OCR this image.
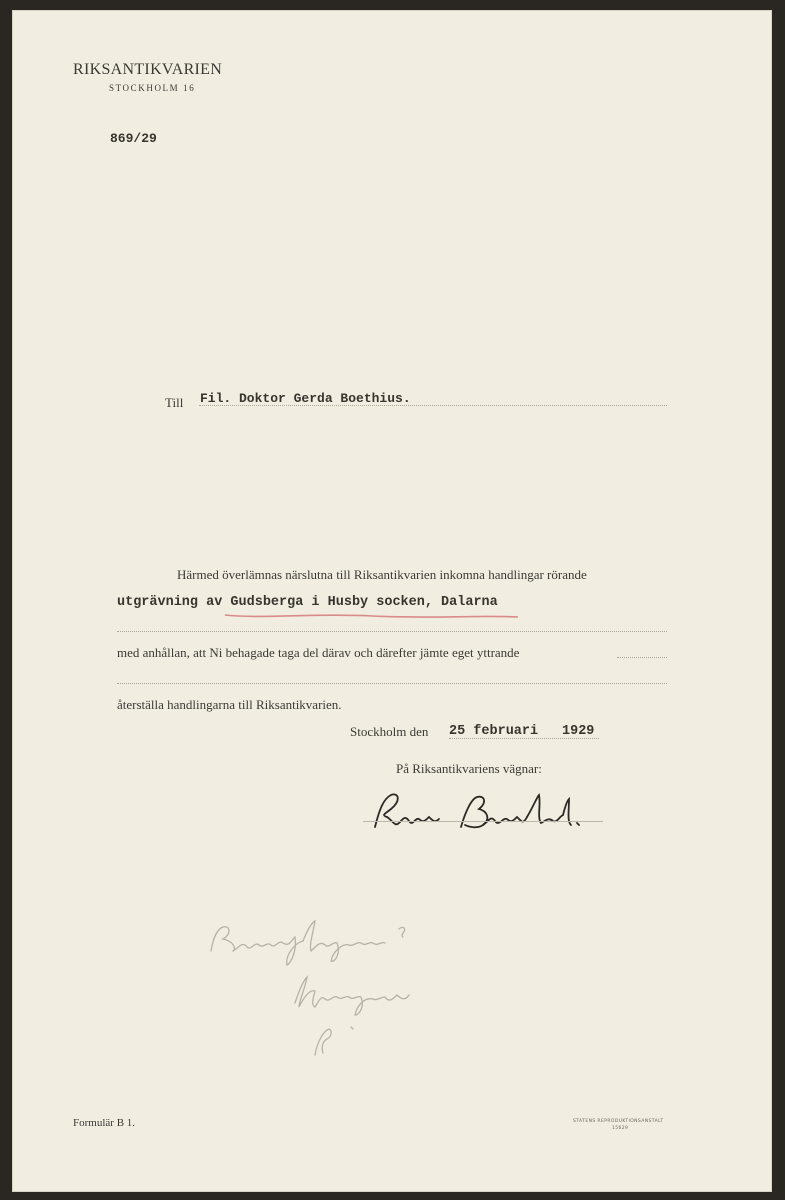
RIKSANTIKVARIEN
STOCKHOLM 16
869/29
Till Fil. Doktor Gerda Boethius.
Härmed överlämnas närslutna till Riksantikvarien inkomna handlingar rörande
utgrävning av Gudsberga i Husby socken, Dalarna
med anhållan, att Ni behagade taga del därav och därefter jämte eget yttrande
återställa handlingarna till Riksantikvarien.
Stockholm den 25 februari 1929
På Riksantikvariens vägnar:
Formulär B 1.	STATENS REPRODUKTIONSANSTALT
15629
